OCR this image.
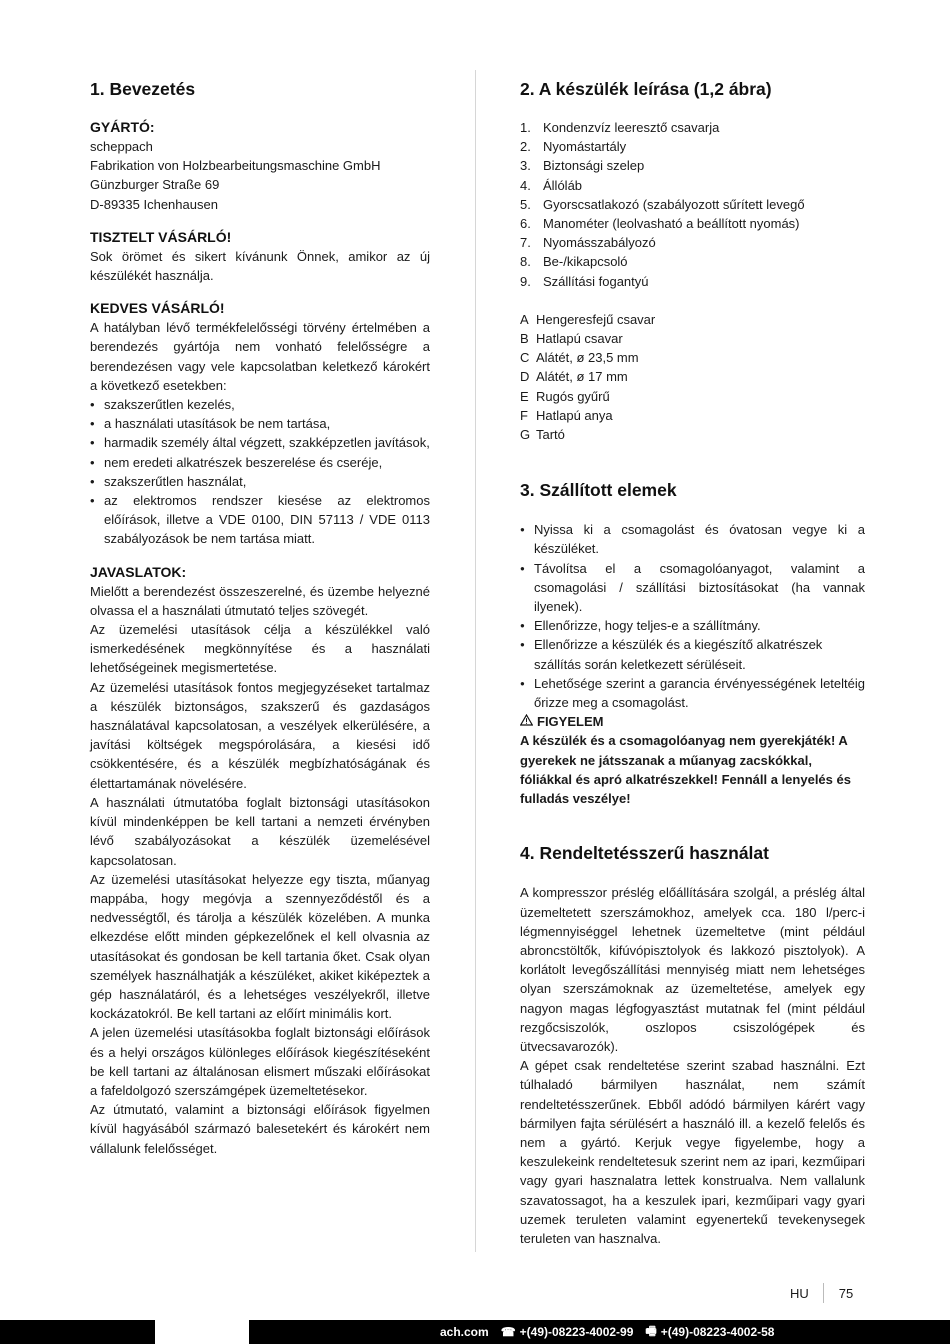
1. Bevezetés
GYÁRTÓ:

scheppach

Fabrikation von Holzbearbeitungsmaschine GmbH

Günzburger Straße 69

D-89335 Ichenhausen

TISZTELT VÁSÁRLÓ!

Sok örömet és sikert kívánunk Önnek, amikor az új készülékét használja.

KEDVES VÁSÁRLÓ!

A hatályban lévő termékfelelősségi törvény értelmében a berendezés gyártója nem vonható felelősségre a berendezésen vagy vele kapcsolatban keletkező károkért a következő esetekben:

• szakszerűtlen kezelés,
• a használati utasítások be nem tartása,
• harmadik személy által végzett, szakképzetlen javítások,
• nem eredeti alkatrészek beszerelése és cseréje,
• szakszerűtlen használat,
• az elektromos rendszer kiesése az elektromos előírások, illetve a VDE 0100, DIN 57113 / VDE 0113 szabályozások be nem tartása miatt.
JAVASLATOK:

Mielőtt a berendezést összeszerelné, és üzembe helyezné olvassa el a használati útmutató teljes szövegét.

Az üzemelési utasítások célja a készülékkel való ismerkedésének megkönnyítése és a használati lehetőségeinek megismertetése.

Az üzemelési utasítások fontos megjegyzéseket tartalmaz a készülék biztonságos, szakszerű és gazdaságos használatával kapcsolatosan, a veszélyek elkerülésére, a javítási költségek megspórolására, a kiesési idő csökkentésére, és a készülék megbízhatóságának és élettartamának növelésére.

A használati útmutatóba foglalt biztonsági utasításokon kívül mindenképpen be kell tartani a nemzeti érvényben lévő szabályozásokat a készülék üzemelésével kapcsolatosan.

Az üzemelési utasításokat helyezze egy tiszta, műanyag mappába, hogy megóvja a szennyeződéstől és a nedvességtől, és tárolja a készülék közelében. A munka elkezdése előtt minden gépkezelőnek el kell olvasnia az utasításokat és gondosan be kell tartania őket. Csak olyan személyek használhatják a készüléket, akiket kiképeztek a gép használatáról, és a lehetséges veszélyekről, illetve kockázatokról. Be kell tartani az előírt minimális kort.

A jelen üzemelési utasításokba foglalt biztonsági előírások és a helyi országos különleges előírások kiegészítéseként be kell tartani az általánosan elismert műszaki előírásokat a fafeldolgozó szerszámgépek üzemeltetésekor.

Az útmutató, valamint a biztonsági előírások figyelmen kívül hagyásából származó balesetekért és károkért nem vállalunk felelősséget.

2. A készülék leírása (1,2 ábra)
1. Kondenzvíz leeresztő csavarja
2. Nyomástartály
3. Biztonsági szelep
4. Állóláb
5. Gyorscsatlakozó (szabályozott sűrített levegő
6. Manométer (leolvasható a beállított nyomás)
7. Nyomásszabályozó
8. Be-/kikapcsoló
9. Szállítási fogantyú
A Hengeresfejű csavar
B Hatlapú csavar
C Alátét, ø 23,5 mm
D Alátét, ø 17 mm
E Rugós gyűrű
F Hatlapú anya
G Tartó
3. Szállított elemek
● Nyissa ki a csomagolást és óvatosan vegye ki a készüléket.
● Távolítsa el a csomagolóanyagot, valamint a csomagolási / szállítási biztosításokat (ha vannak ilyenek).
● Ellenőrizze, hogy teljes-e a szállítmány.
● Ellenőrizze a készülék és a kiegészítő alkatrészek szállítás során keletkezett sérüléseit.
● Lehetősége szerint a garancia érvényességének leteltéig őrizze meg a csomagolást.
FIGYELEM

A készülék és a csomagolóanyag nem gyerekjáték! A gyerekek ne játsszanak a műanyag zacskókkal, fóliákkal és apró alkatrészekkel! Fennáll a lenyelés és fulladás veszélye!

4. Rendeltetésszerű használat

A kompresszor préslég előállítására szolgál, a préslég által üzemeltetett szerszámokhoz, amelyek cca. 180 l/perc-i légmennyiséggel lehetnek üzemeltetve (mint például abroncstöltők, kifúvópisztolyok és lakkozó pisztolyok). A korlátolt levegőszállítási mennyiség miatt nem lehetséges olyan szerszámoknak az üzemeltetése, amelyek egy nagyon magas légfogyasztást mutatnak fel (mint például rezgőcsiszolók, oszlopos csiszológépek és ütvecsavarozók).

A gépet csak rendeltetése szerint szabad használni. Ezt túlhaladó bármilyen használat, nem számít rendeltetésszerűnek. Ebből adódó bármilyen kárért vagy bármilyen fajta sérülésért a használó ill. a kezelő felelős és nem a gyártó. Kerjuk vegye figyelembe, hogy a keszulekeink rendeltetesuk szerint nem az ipari, kezműipari vagy gyari hasznalatra lettek konstrualva. Nem vallalunk szavatossagot, ha a keszulek ipari, kezműipari vagy gyari uzemek teruleten valamint egyenertekű tevekenysegek teruleten van hasznalva.

HU 75
ach.com ☎ +(49)-08223-4002-99 🖷 +(49)-08223-4002-58
